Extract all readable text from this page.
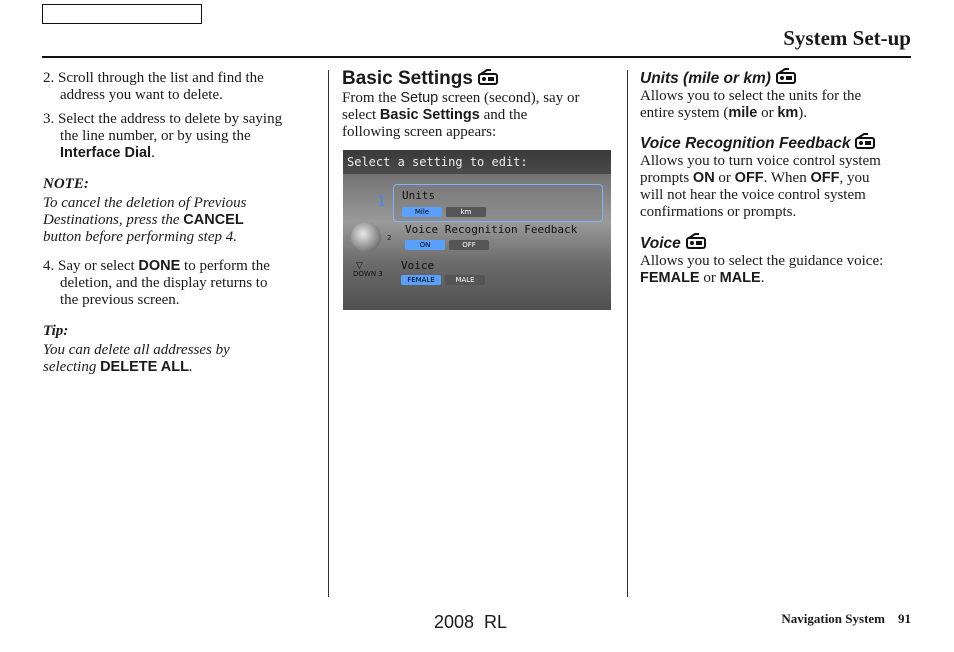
System Set-up

2. Scroll through the list and find the
address you want to delete.

3. Select the address to delete by saying
the line number, or by using the
Interface Dial.

NOTE:

To cancel the deletion of Previous
Destinations, press the CANCEL
button before performing step 4.

4. Say or select DONE to perform the
deletion, and the display returns to
the previous screen.

Tip:

You can delete all addresses by
selecting DELETE ALL.

Basic Settings

From the Setup screen (second), say or
select Basic Settings and the
following screen appears:

Select a setting to edit:
1
2
▽
DOWN 3
Units
Mile	km
Voice Recognition Feedback
ON	OFF
Voice
FEMALE	MALE

Units (mile or km)

Allows you to select the units for the
entire system (mile or km).

Voice Recognition Feedback

Allows you to turn voice control system
prompts ON or OFF. When OFF, you
will not hear the voice control system
confirmations or prompts.

Voice

Allows you to select the guidance voice:
FEMALE or MALE.

Navigation System 91
2008  RL
